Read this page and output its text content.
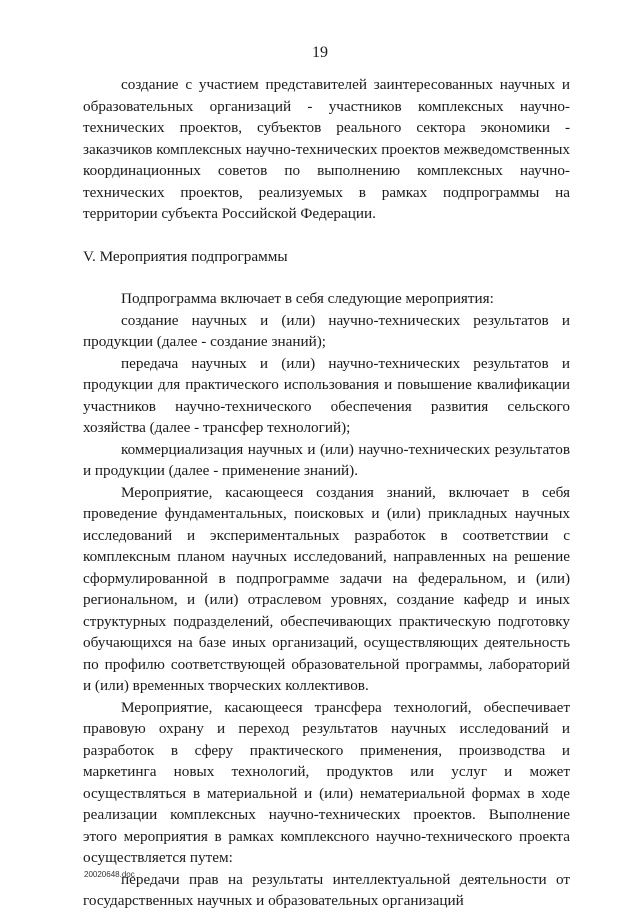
19

создание с участием представителей заинтересованных научных и образовательных организаций - участников комплексных научно-технических проектов, субъектов реального сектора экономики - заказчиков комплексных научно-технических проектов межведомственных координационных советов по выполнению комплексных научно-технических проектов, реализуемых в рамках подпрограммы на территории субъекта Российской Федерации.

V. Мероприятия подпрограммы

Подпрограмма включает в себя следующие мероприятия:

создание научных и (или) научно-технических результатов и продукции (далее - создание знаний);

передача научных и (или) научно-технических результатов и продукции для практического использования и повышение квалификации участников научно-технического обеспечения развития сельского хозяйства (далее - трансфер технологий);

коммерциализация научных и (или) научно-технических результатов и продукции (далее - применение знаний).

Мероприятие, касающееся создания знаний, включает в себя проведение фундаментальных, поисковых и (или) прикладных научных исследований и экспериментальных разработок в соответствии с комплексным планом научных исследований, направленных на решение сформулированной в подпрограмме задачи на федеральном, и (или) региональном, и (или) отраслевом уровнях, создание кафедр и иных структурных подразделений, обеспечивающих практическую подготовку обучающихся на базе иных организаций, осуществляющих деятельность по профилю соответствующей образовательной программы, лабораторий и (или) временных творческих коллективов.

Мероприятие, касающееся трансфера технологий, обеспечивает правовую охрану и переход результатов научных исследований и разработок в сферу практического применения, производства и маркетинга новых технологий, продуктов или услуг и может осуществляться в материальной и (или) нематериальной формах в ходе реализации комплексных научно-технических проектов. Выполнение этого мероприятия в рамках комплексного научно-технического проекта осуществляется путем:

передачи прав на результаты интеллектуальной деятельности от государственных научных и образовательных организаций

20020648.doc
